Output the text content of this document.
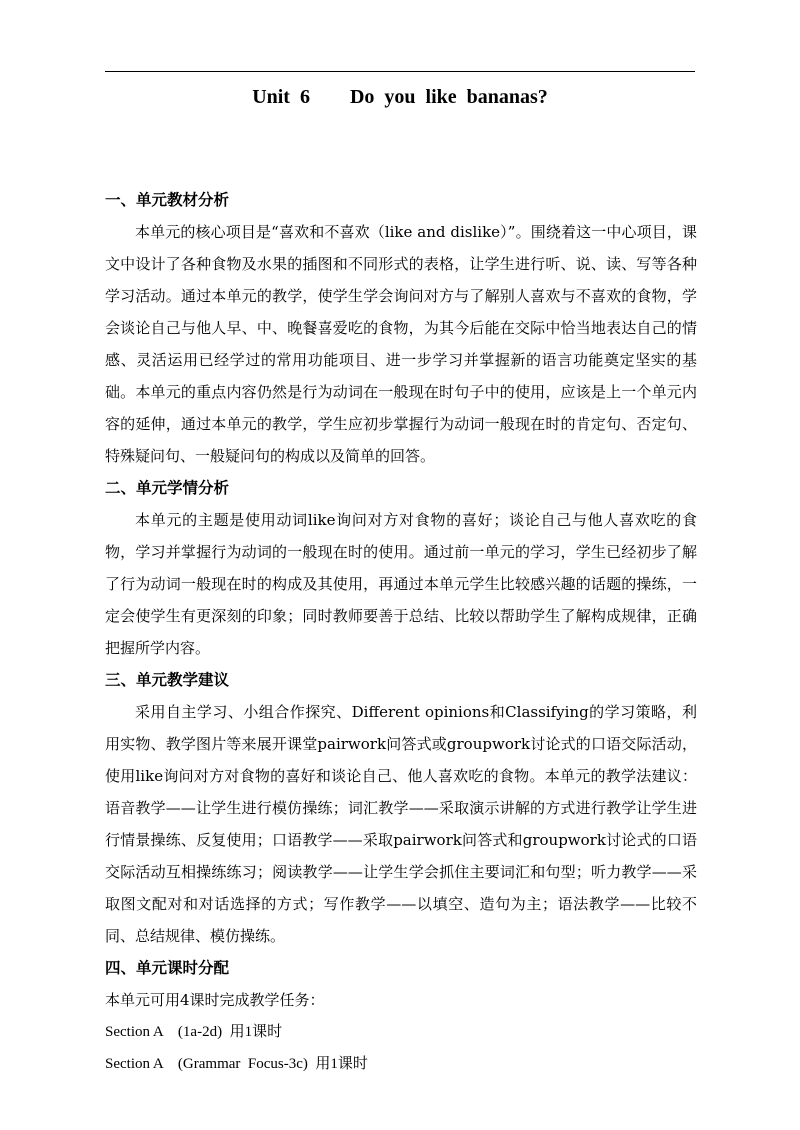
Unit 6    Do you like bananas?
一、单元教材分析
本单元的核心项目是“喜欢和不喜欢（like and dislike）”。围绕着这一中心项目，课文中设计了各种食物及水果的插图和不同形式的表格，让学生进行听、说、读、写等各种学习活动。通过本单元的教学，使学生学会询问对方与了解别人喜欢与不喜欢的食物，学会谈论自己与他人早、中、晚餐喜爱吃的食物，为其今后能在交际中恰当地表达自己的情感、灵活运用已经学过的常用功能项目、进一步学习并掌握新的语言功能奠定坚实的基础。本单元的重点内容仍然是行为动词在一般现在时句子中的使用，应该是上一个单元内容的延伸，通过本单元的教学，学生应初步掌握行为动词一般现在时的肯定句、否定句、特殊疑问句、一般疑问句的构成以及简单的回答。
二、单元学情分析
本单元的主题是使用动词like询问对方对食物的喜好；谈论自己与他人喜欢吃的食物，学习并掌握行为动词的一般现在时的使用。通过前一单元的学习，学生已经初步了解了行为动词一般现在时的构成及其使用，再通过本单元学生比较感兴趣的话题的操练，一定会使学生有更深刻的印象；同时教师要善于总结、比较以帮助学生了解构成规律，正确把握所学内容。
三、单元教学建议
采用自主学习、小组合作探究、Different opinions和Classifying的学习策略，利用实物、教学图片等来展开课堂pairwork问答式或groupwork讨论式的口语交际活动，使用like询问对方对食物的喜好和谈论自己、他人喜欢吃的食物。本单元的教学法建议：语音教学——让学生进行模仿操练；词汇教学——采取演示讲解的方式进行教学让学生进行情景操练、反复使用；口语教学——采取pairwork问答式和groupwork讨论式的口语交际活动互相操练练习；阅读教学——让学生学会抓住主要词汇和句型；听力教学——采取图文配对和对话选择的方式；写作教学——以填空、造句为主；语法教学——比较不同、总结规律、模仿操练。
四、单元课时分配
本单元可用4课时完成教学任务：
Section A    (1a-2d)  用1课时
Section A    (Grammar  Focus-3c)  用1课时
